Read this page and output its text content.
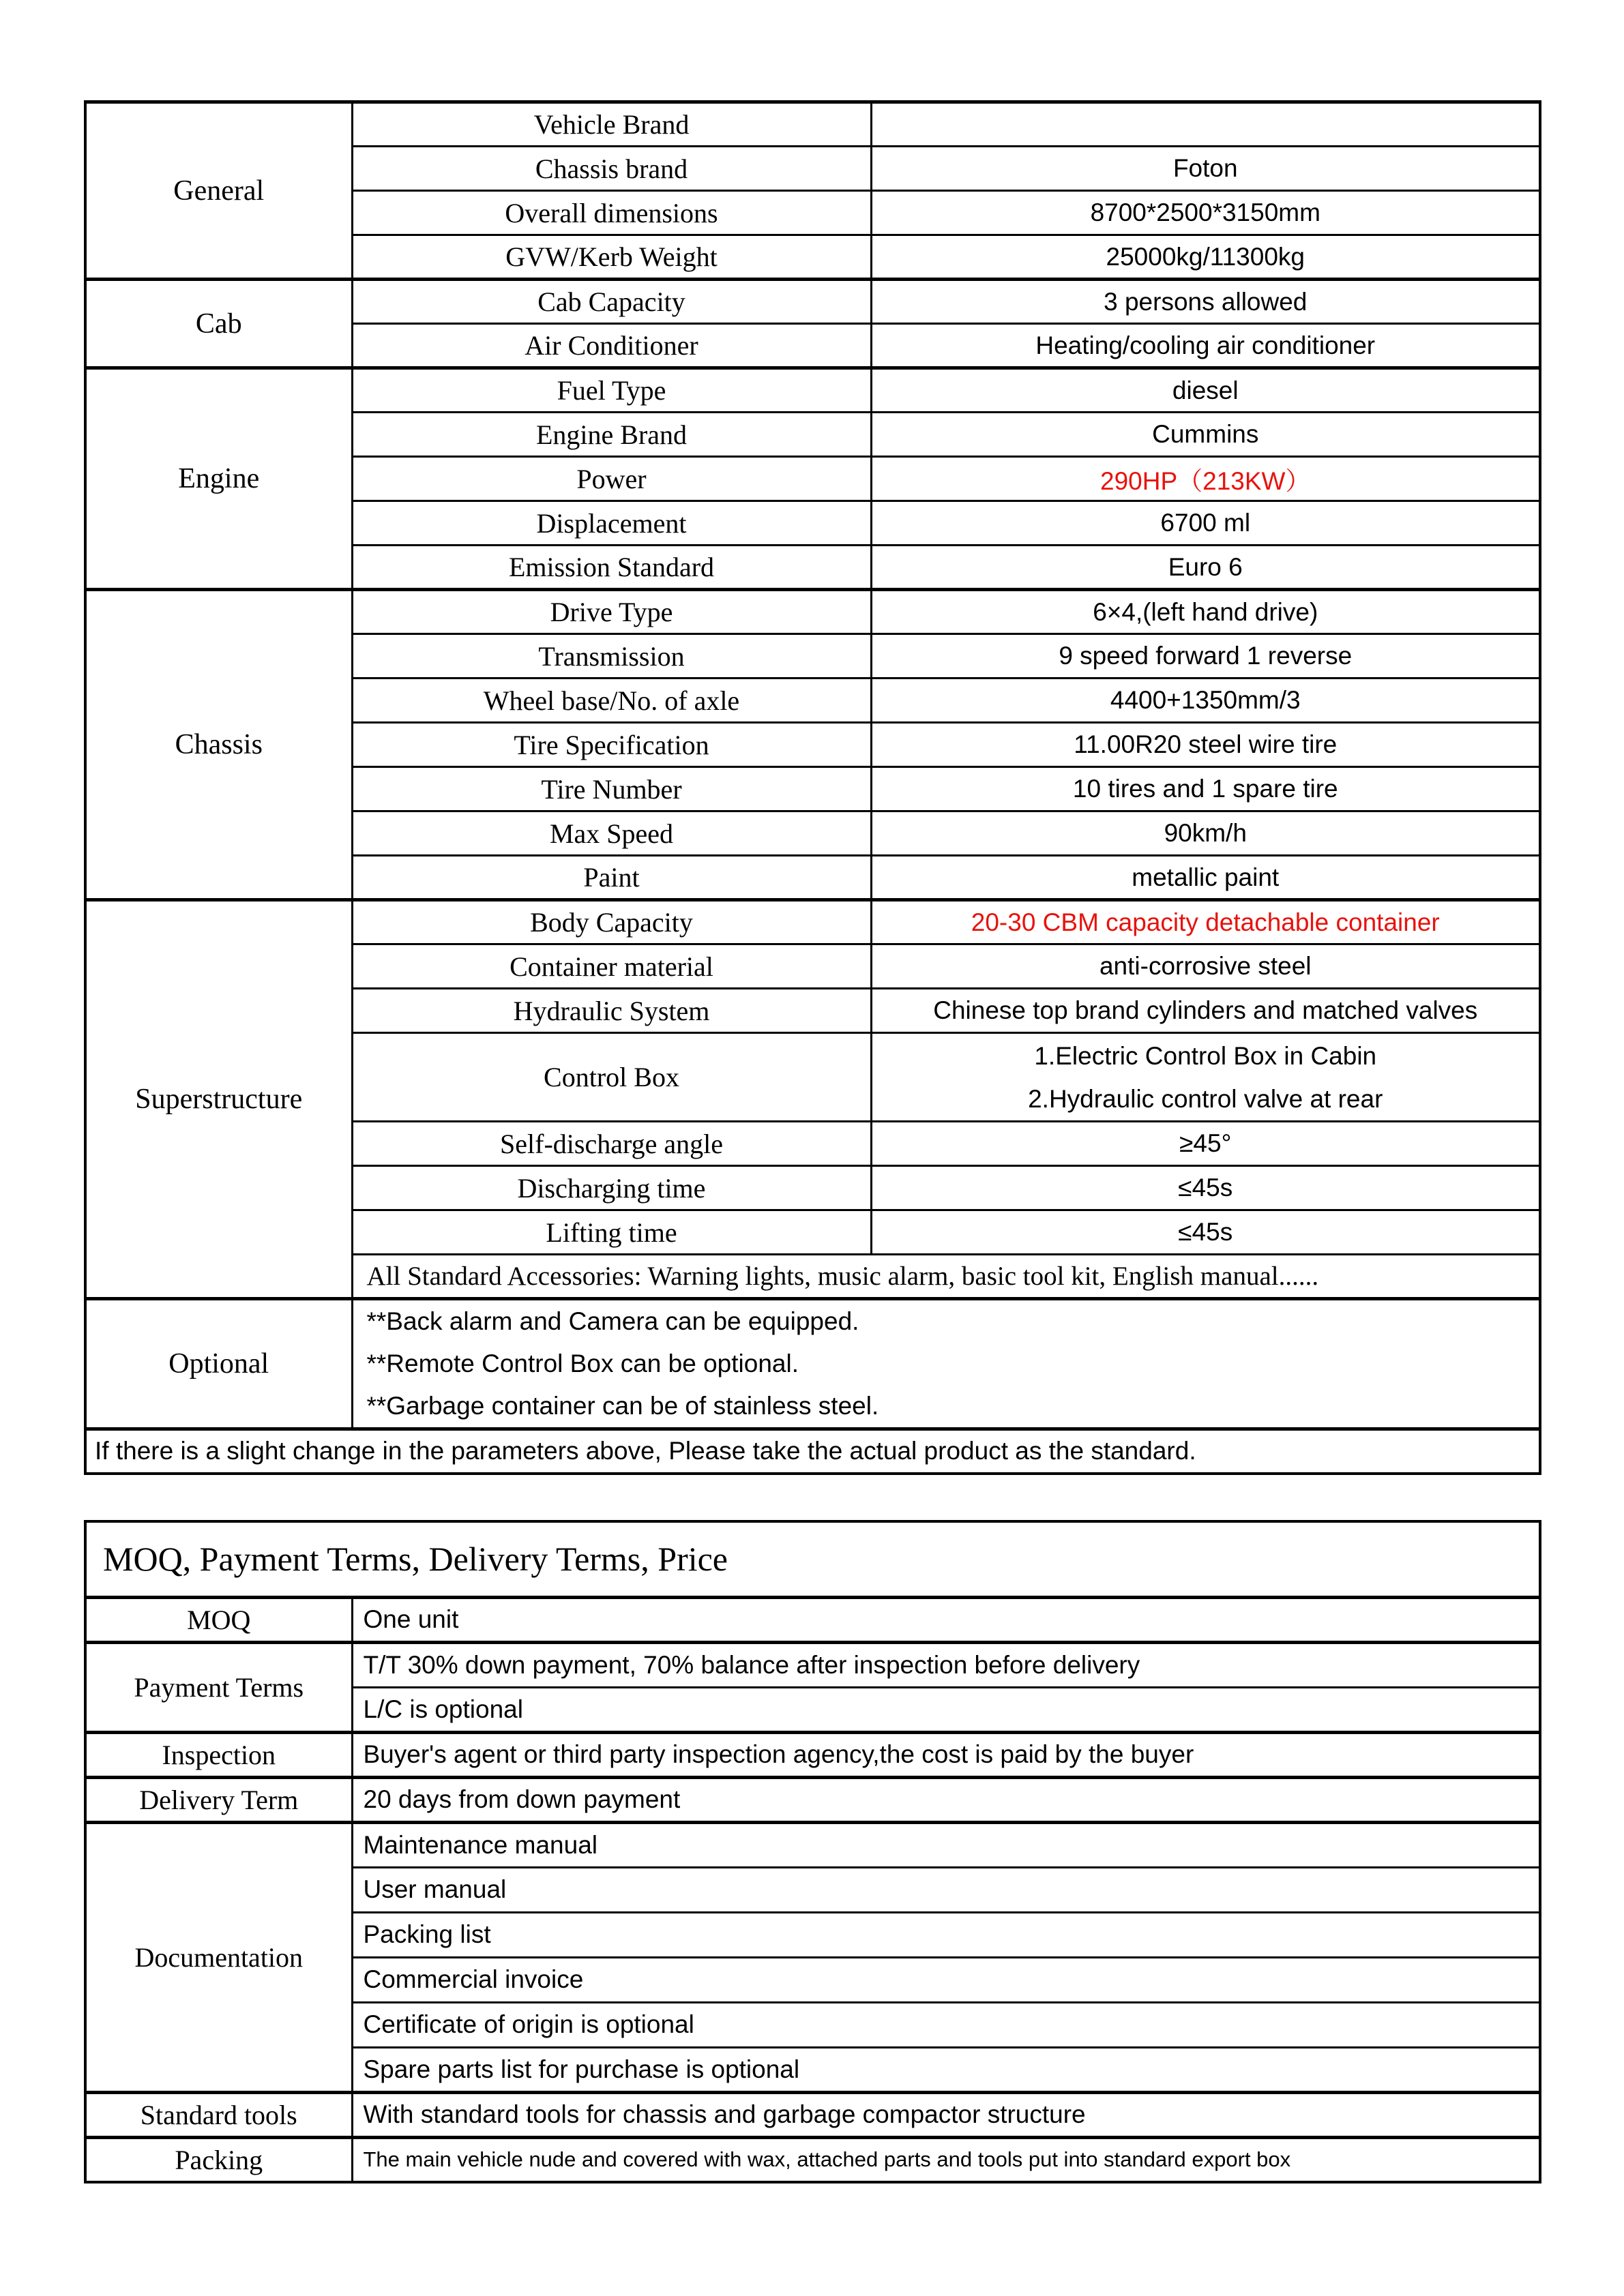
General	Vehicle Brand	
	Chassis brand	Foton
	Overall dimensions	8700*2500*3150mm
	GVW/Kerb Weight	25000kg/11300kg
Cab	Cab Capacity	3 persons allowed
	Air Conditioner	Heating/cooling air conditioner
Engine	Fuel Type	diesel
	Engine Brand	Cummins
	Power	290HP（213KW）
	Displacement	6700 ml
	Emission Standard	Euro 6
Chassis	Drive Type	6×4,(left hand drive)
	Transmission	9 speed forward 1 reverse
	Wheel base/No. of axle	4400+1350mm/3
	Tire Specification	11.00R20 steel wire tire
	Tire Number	10 tires and 1 spare tire
	Max Speed	90km/h
	Paint	metallic paint
Superstructure	Body Capacity	20-30 CBM capacity detachable container
	Container material	anti-corrosive steel
	Hydraulic System	Chinese top brand cylinders and matched valves
	Control Box	1.Electric Control Box in Cabin
2.Hydraulic control valve at rear

	Self-discharge angle	≥45°
	Discharging time	≤45s
	Lifting time	≤45s
	All Standard Accessories: Warning lights, music alarm, basic tool kit, English manual......	
Optional	**Back alarm and Camera can be equipped.
**Remote Control Box can be optional.
**Garbage container can be of stainless steel.	

If there is a slight change in the parameters above, Please take the actual product as the standard.		
MOQ, Payment Terms, Delivery Terms, Price	
MOQ	One unit
Payment Terms	T/T 30% down payment, 70% balance after inspection before delivery
	L/C is optional
Inspection	Buyer's agent or third party inspection agency,the cost is paid by the buyer
Delivery Term	20 days from down payment
Documentation	Maintenance manual
	User manual
	Packing list
	Commercial invoice
	Certificate of origin is optional
	Spare parts list for purchase is optional
Standard tools	With standard tools for chassis and garbage compactor structure
Packing	The main vehicle nude and covered with wax, attached parts and tools put into standard export box
